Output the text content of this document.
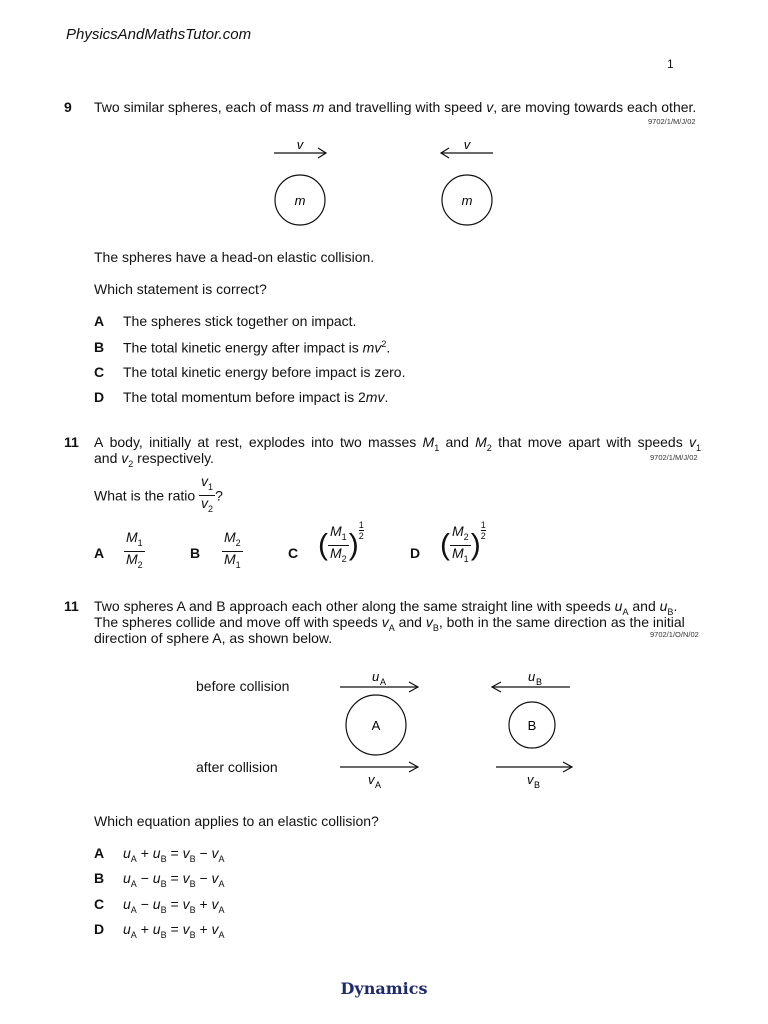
PhysicsAndMathsTutor.com
1
9 Two similar spheres, each of mass m and travelling with speed v, are moving towards each other.
9702/1/M/J/02
v
m
v
m
The spheres have a head-on elastic collision.
Which statement is correct?
A The spheres stick together on impact.
B The total kinetic energy after impact is $mv^2$.
C The total kinetic energy before impact is zero.
D The total momentum before impact is 2mv.
11 A body, initially at rest, explodes into two masses $M_1$ and $M_2$ that move apart with speeds $v_1$
and $v_2$ respectively.	9702/1/M/J/02
What is the ratio $\frac{v_1}{v_2}$ ?
A $\frac{M_1}{M_2}$	B $\frac{M_2}{M_1}$	C ( $\frac{M_1}{M_2}$ ) $\frac{1}{2}$
D ( $\frac{M_2}{M_1}$ ) $\frac{1}{2}$
11 Two spheres A and B approach each other along the same straight line with speeds $u_A$ and $u_B$.
The spheres collide and move off with speeds $v_A$ and $v_B$, both in the same direction as the initial
direction of sphere A, as shown below.	9702/1/O/N/02
before collision
after collision
u A	u B
A	B
v A	v B
Which equation applies to an elastic collision?
A $u_A + u_B = v_B - v_A$
B $u_A - u_B = v_B - v_A$
C $u_A - u_B = v_B + v_A$
D $u_A + u_B = v_B + v_A$
Dynamics
